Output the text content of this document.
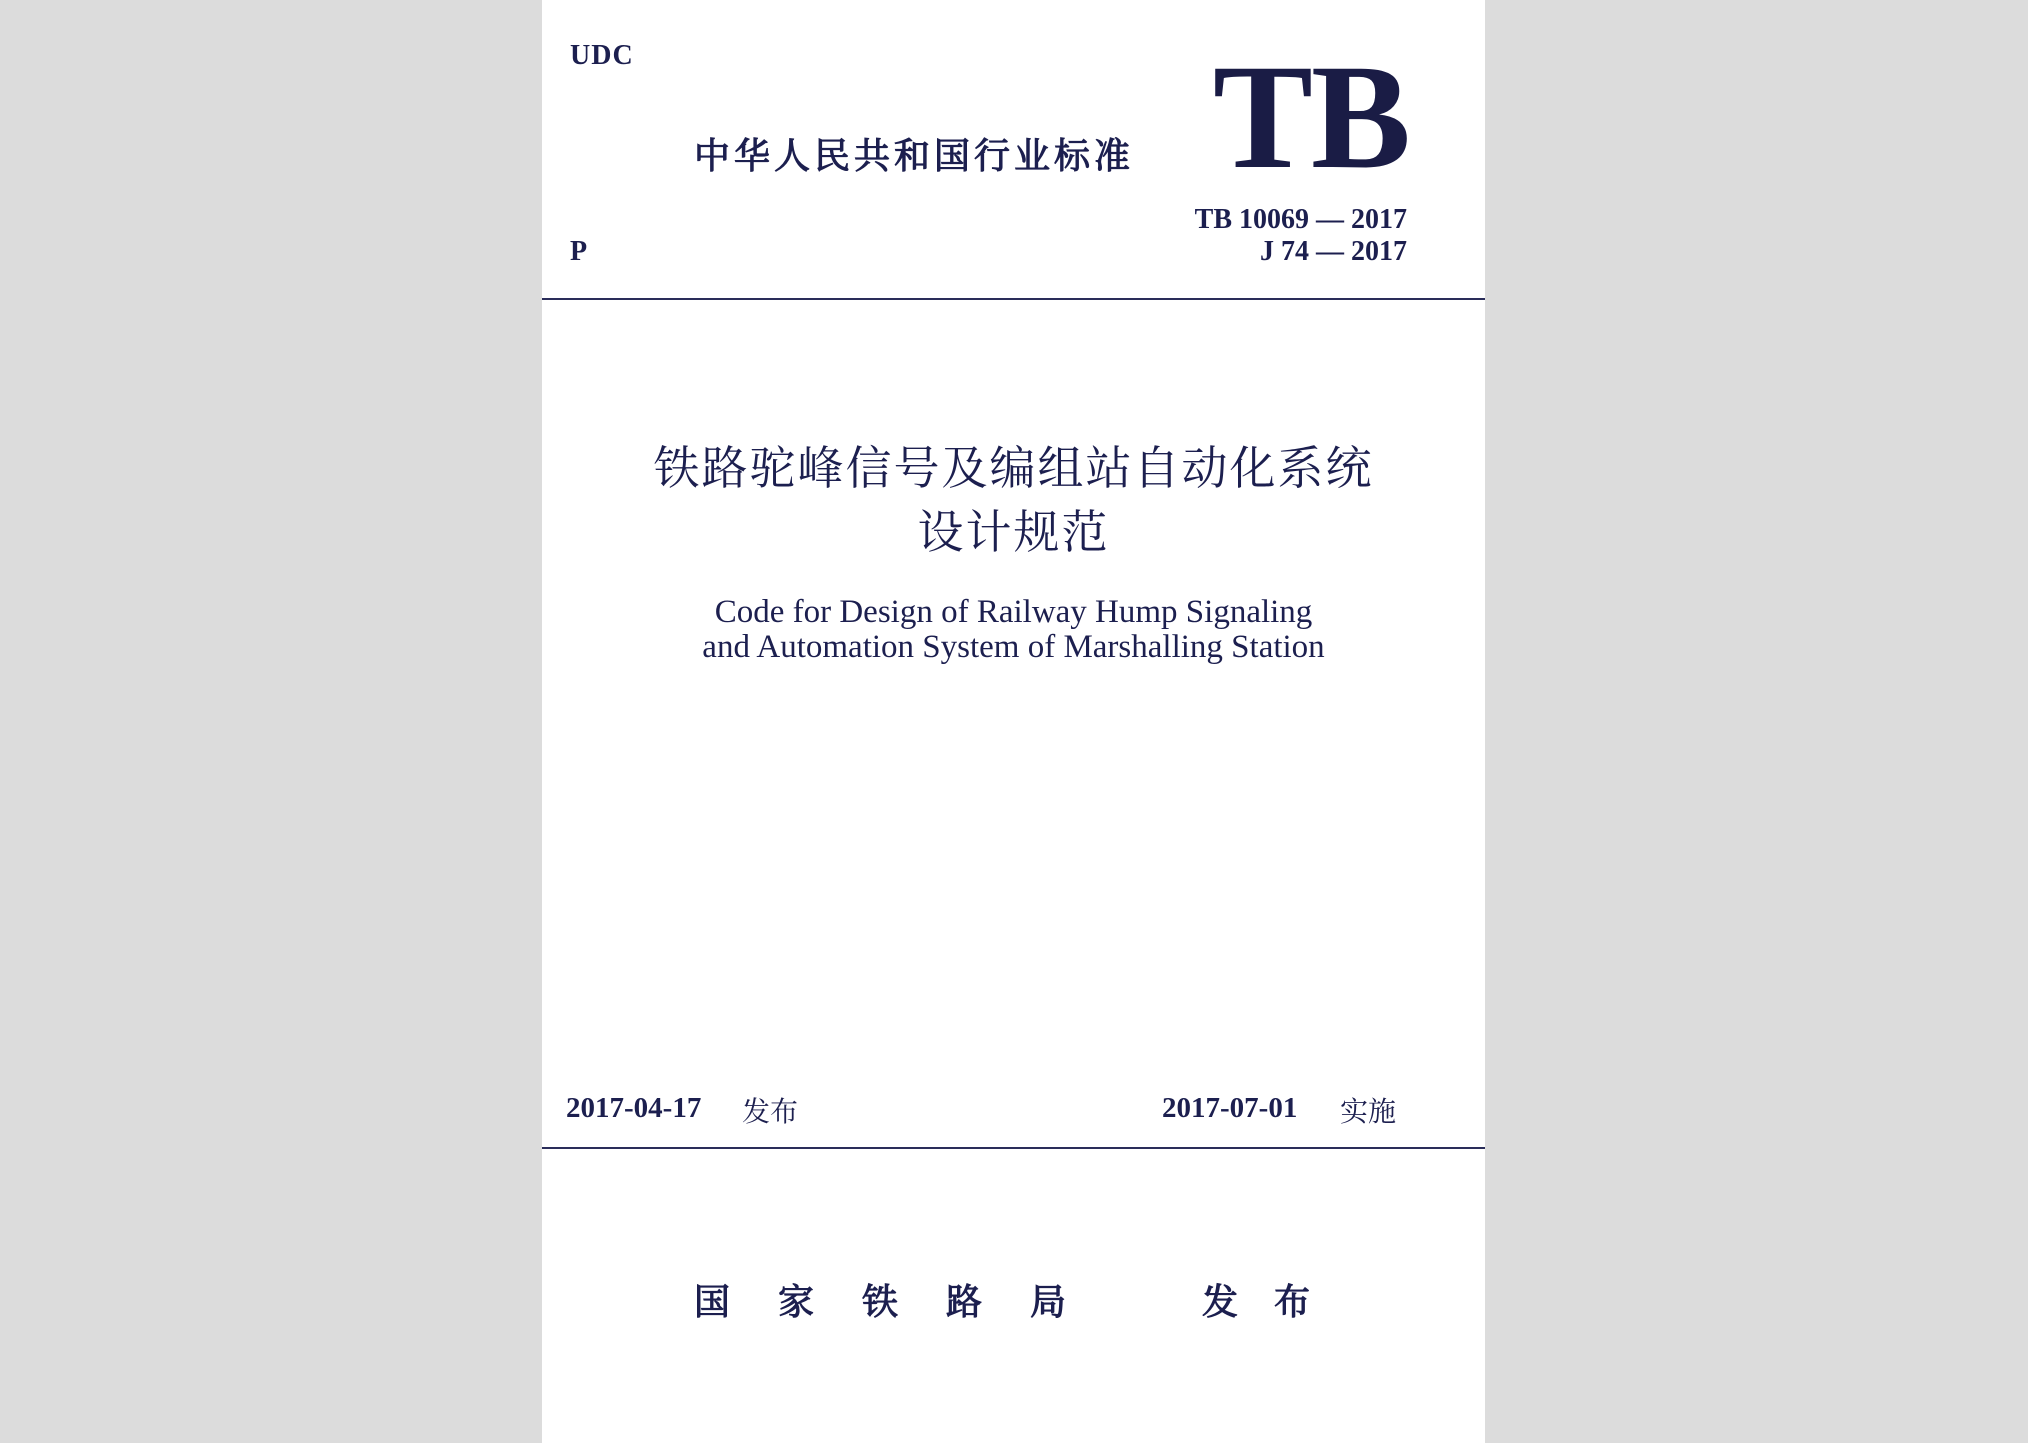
UDC
中华人民共和国行业标准 TB
TB 10069 — 2017
P	J 74 — 2017
铁路驼峰信号及编组站自动化系统
设计规范
Code for Design of Railway Hump Signaling
and Automation System of Marshalling Station
2017-04-17 发布	2017-07-01 实施
国家铁路局 发布
